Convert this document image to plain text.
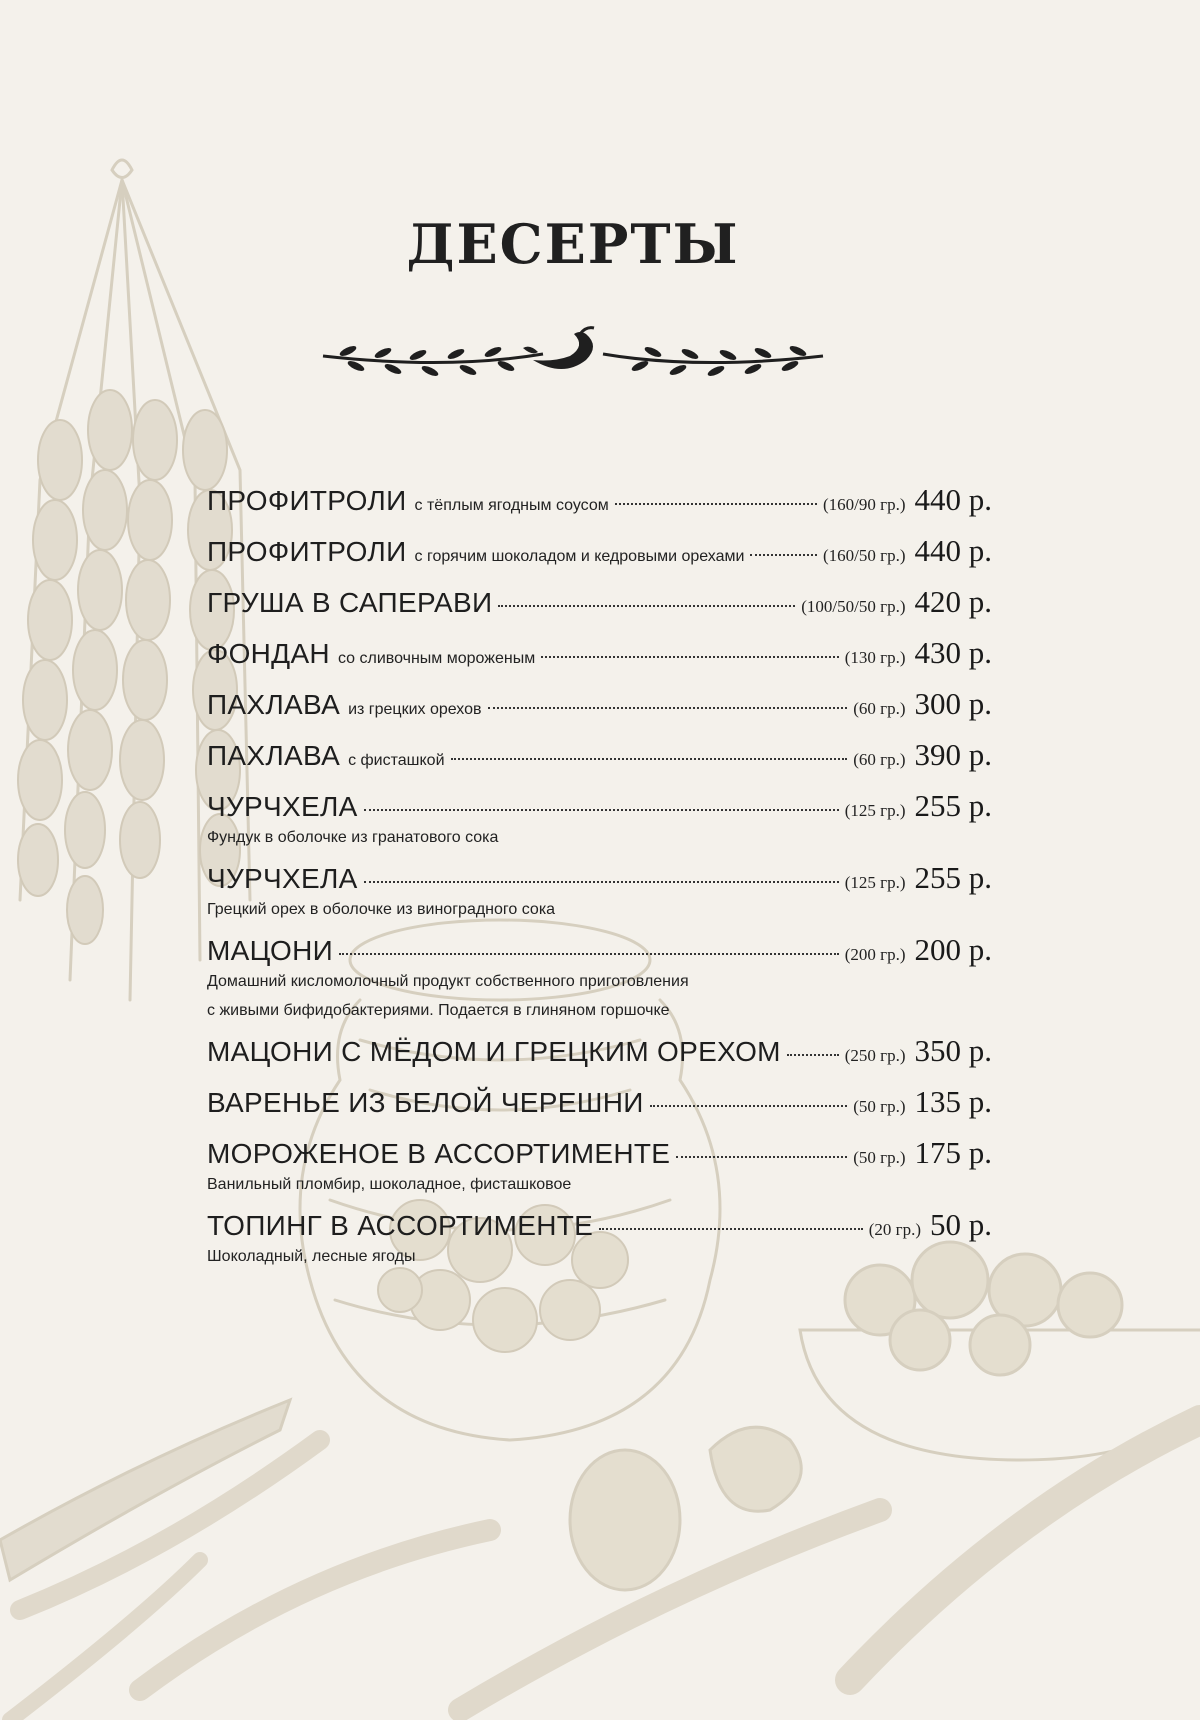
ДЕСЕРТЫ
ПРОФИТРОЛИ с тёплым ягодным соусом	(160/90 гр.) 440 р.
ПРОФИТРОЛИ с горячим шоколадом и кедровыми орехами	(160/50 гр.) 440 р.
ГРУША В САПЕРАВИ	(100/50/50 гр.) 420 р.
ФОНДАН со сливочным мороженым	(130 гр.) 430 р.
ПАХЛАВА из грецких орехов	(60 гр.) 300 р.
ПАХЛАВА с фисташкой	(60 гр.) 390 р.
ЧУРЧХЕЛА	(125 гр.) 255 р.
Фундук в оболочке из гранатового сока
ЧУРЧХЕЛА	(125 гр.) 255 р.
Грецкий орех в оболочке из виноградного сока
МАЦОНИ	(200 гр.) 200 р.
Домашний кисломолочный продукт собственного приготовления
с живыми бифидобактериями. Подается в глиняном горшочке
МАЦОНИ С МЁДОМ И ГРЕЦКИМ ОРЕХОМ	(250 гр.) 350 р.
ВАРЕНЬЕ ИЗ БЕЛОЙ ЧЕРЕШНИ	(50 гр.) 135 р.
МОРОЖЕНОЕ В АССОРТИМЕНТЕ	(50 гр.) 175 р.
Ванильный пломбир, шоколадное, фисташковое
ТОПИНГ В АССОРТИМЕНТЕ	(20 гр.) 50 р.
Шоколадный, лесные ягоды
